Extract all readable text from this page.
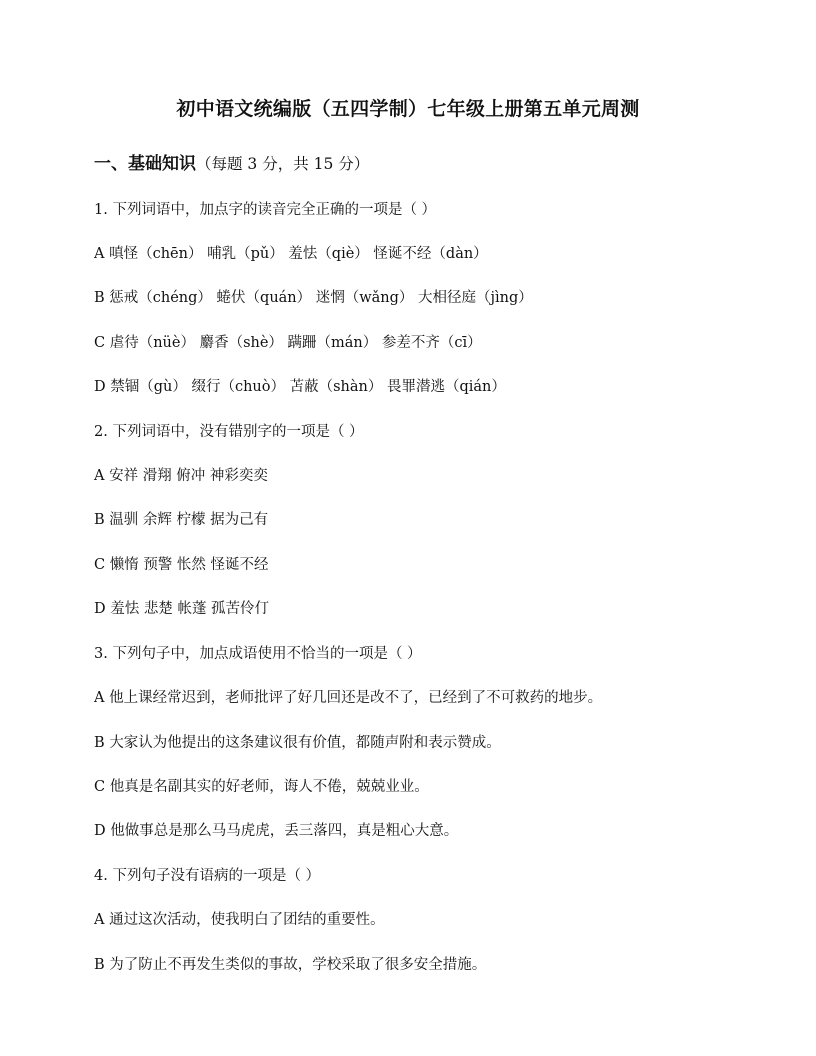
初中语文统编版（五四学制）七年级上册第五单元周测
一、基础知识（每题 3 分，共 15 分）
1. 下列词语中，加点字的读音完全正确的一项是（ ）
A 嗔怪（chēn） 哺乳（pǔ） 羞怯（qiè） 怪诞不经（dàn）
B 惩戒（chéng） 蜷伏（quán） 迷惘（wǎng） 大相径庭（jìng）
C 虐待（nüè） 麝香（shè） 蹒跚（mán） 参差不齐（cī）
D 禁锢（gù） 缀行（chuò） 苫蔽（shàn） 畏罪潜逃（qián）
2. 下列词语中，没有错别字的一项是（ ）
A 安祥 滑翔 俯冲 神彩奕奕
B 温驯 余辉 柠檬 据为己有
C 懒惰 预警 怅然 怪诞不经
D 羞怯 悲楚 帐蓬 孤苦伶仃
3. 下列句子中，加点成语使用不恰当的一项是（ ）
A 他上课经常迟到，老师批评了好几回还是改不了，已经到了不可救药的地步。
B 大家认为他提出的这条建议很有价值，都随声附和表示赞成。
C 他真是名副其实的好老师，诲人不倦，兢兢业业。
D 他做事总是那么马马虎虎，丢三落四，真是粗心大意。
4. 下列句子没有语病的一项是（ ）
A 通过这次活动，使我明白了团结的重要性。
B 为了防止不再发生类似的事故，学校采取了很多安全措施。
